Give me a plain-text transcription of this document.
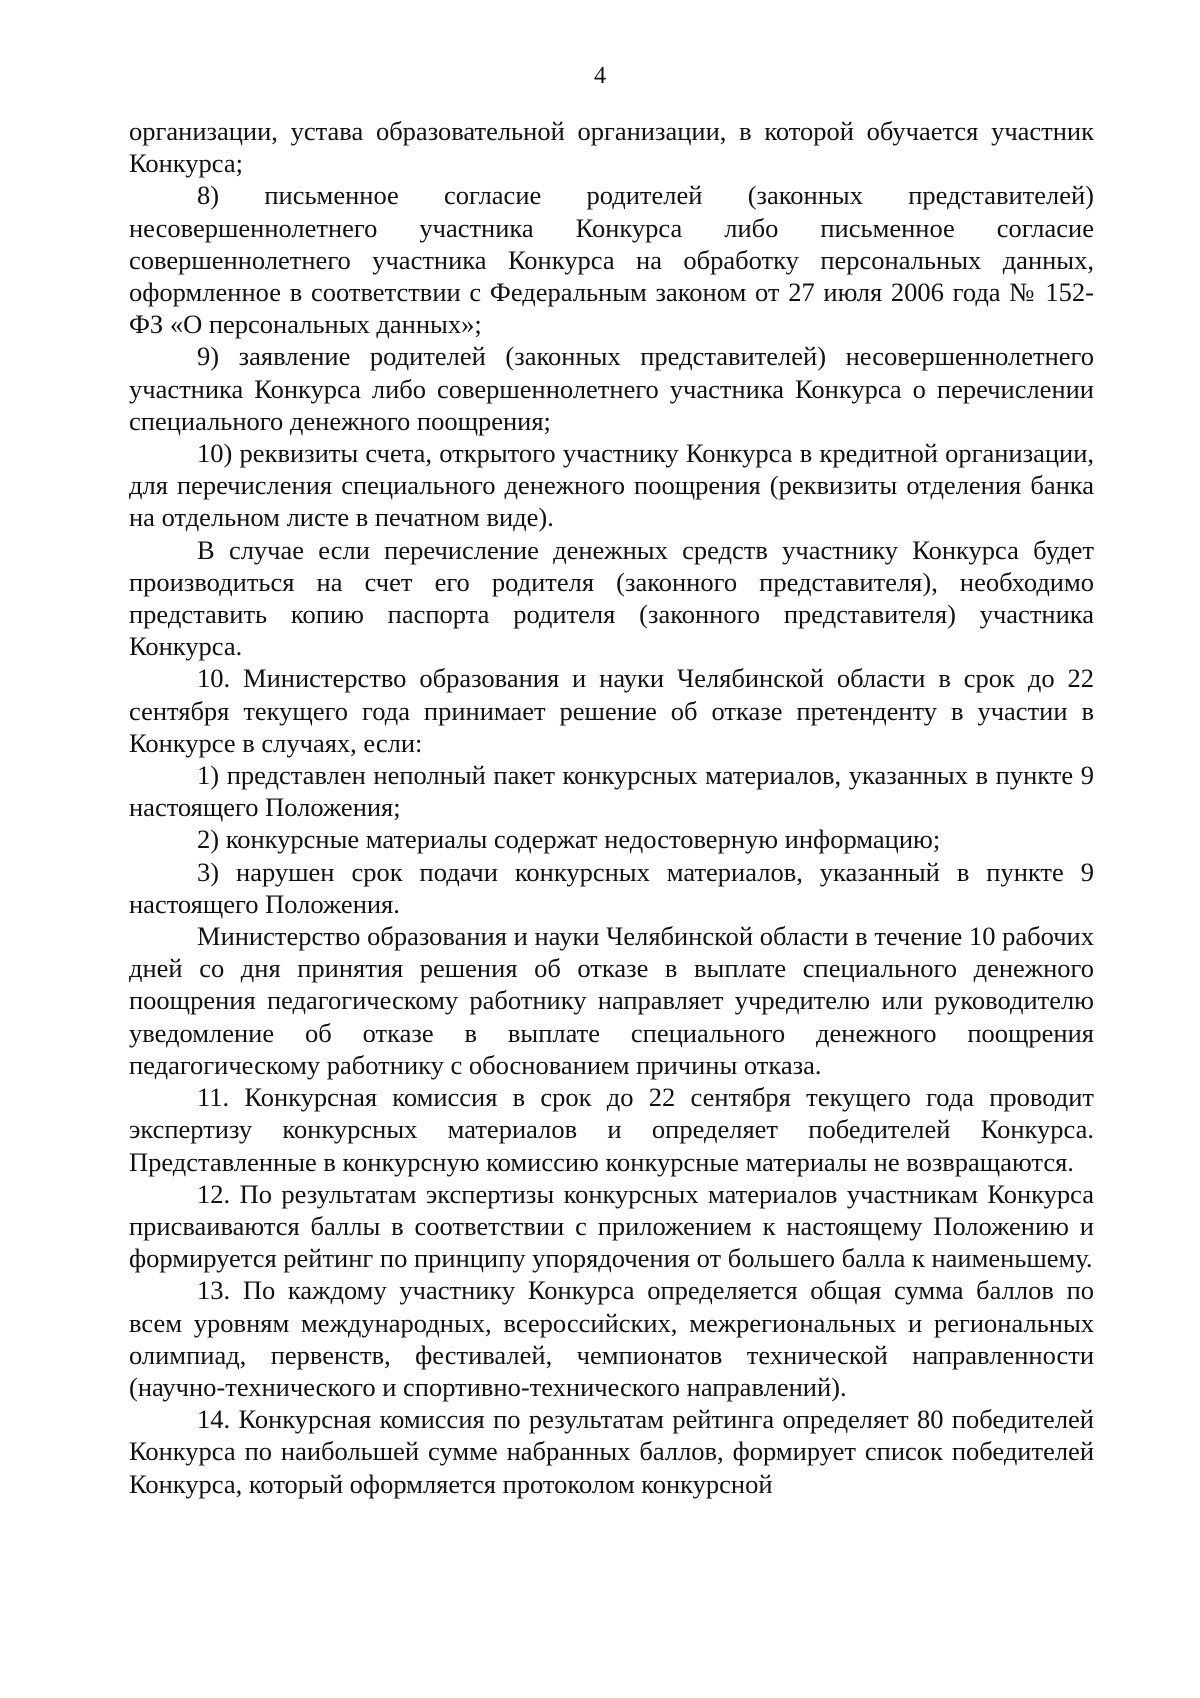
4

организации, устава образовательной организации, в которой обучается участник Конкурса;

8) письменное согласие родителей (законных представителей) несовершеннолетнего участника Конкурса либо письменное согласие совершеннолетнего участника Конкурса на обработку персональных данных, оформленное в соответствии с Федеральным законом от 27 июля 2006 года № 152-ФЗ «О персональных данных»;

9) заявление родителей (законных представителей) несовершеннолетнего участника Конкурса либо совершеннолетнего участника Конкурса о перечислении специального денежного поощрения;

10) реквизиты счета, открытого участнику Конкурса в кредитной организации, для перечисления специального денежного поощрения (реквизиты отделения банка на отдельном листе в печатном виде).

В случае если перечисление денежных средств участнику Конкурса будет производиться на счет его родителя (законного представителя), необходимо представить копию паспорта родителя (законного представителя) участника Конкурса.

10. Министерство образования и науки Челябинской области в срок до 22 сентября текущего года принимает решение об отказе претенденту в участии в Конкурсе в случаях, если:

1) представлен неполный пакет конкурсных материалов, указанных в пункте 9 настоящего Положения;

2) конкурсные материалы содержат недостоверную информацию;

3) нарушен срок подачи конкурсных материалов, указанный в пункте 9 настоящего Положения.

Министерство образования и науки Челябинской области в течение 10 рабочих дней со дня принятия решения об отказе в выплате специального денежного поощрения педагогическому работнику направляет учредителю или руководителю уведомление об отказе в выплате специального денежного поощрения педагогическому работнику с обоснованием причины отказа.

11. Конкурсная комиссия в срок до 22 сентября текущего года проводит экспертизу конкурсных материалов и определяет победителей Конкурса. Представленные в конкурсную комиссию конкурсные материалы не возвращаются.

12. По результатам экспертизы конкурсных материалов участникам Конкурса присваиваются баллы в соответствии с приложением к настоящему Положению и формируется рейтинг по принципу упорядочения от большего балла к наименьшему.

13. По каждому участнику Конкурса определяется общая сумма баллов по всем уровням международных, всероссийских, межрегиональных и региональных олимпиад, первенств, фестивалей, чемпионатов технической направленности (научно-технического и спортивно-технического направлений).

14. Конкурсная комиссия по результатам рейтинга определяет 80 победителей Конкурса по наибольшей сумме набранных баллов, формирует список победителей Конкурса, который оформляется протоколом конкурсной
